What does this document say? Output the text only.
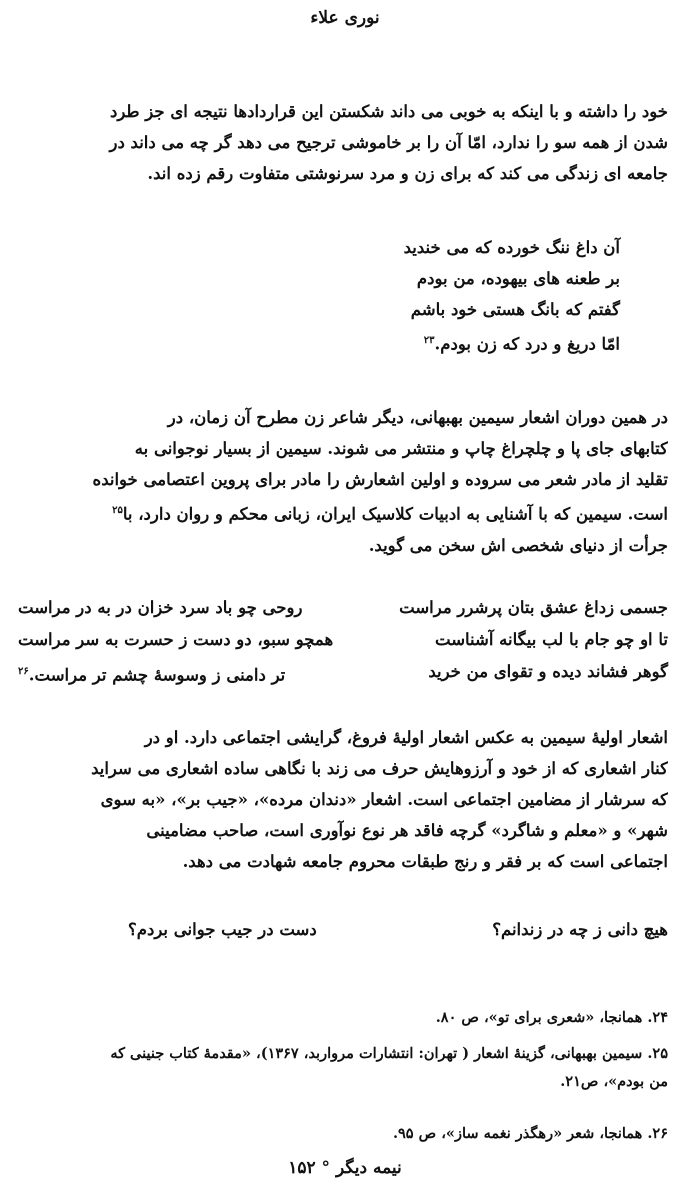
نوری علاء
خود را داشته و با اینکه به خوبی می داند شکستن این قراردادها نتیجه ای جز طرد
شدن از همه سو را ندارد، امّا آن را بر خاموشی ترجیح می دهد گر چه می داند در
جامعه ای زندگی می کند که برای زن و مرد سرنوشتی متفاوت رقم زده اند.
آن داغ ننگ خورده که می خندید
بر طعنه های بیهوده، من بودم
گفتم که بانگ هستی خود باشم
امّا دریغ و درد که زن بودم.$^{۲۳}$
در همین دوران اشعار سیمین بهبهانی، دیگر شاعر زن مطرح آن زمان، در
کتابهای جای پا و چلچراغ چاپ و منتشر می شوند. سیمین از بسیار نوجوانی به
تقلید از مادر شعر می سروده و اولین اشعارش را مادر برای پروین اعتصامی خوانده
است. سیمین که با آشنایی به ادبیات کلاسیک ایران، زبانی محکم و روان دارد، با$^{۲۵}$
جرأت از دنیای شخصی اش سخن می گوید.
جسمی زداغ عشق بتان پرشرر مراست
روحی چو باد سرد خزان در به در مراست
تا او چو جام با لب بیگانه آشناست
همچو سبو، دو دست ز حسرت به سر مراست
گوهر فشاند دیده و تقوای من خرید
تر دامنی ز وسوسهٔ چشم تر مراست.$^{۲۶}$
اشعار اولیهٔ سیمین به عکس اشعار اولیهٔ فروغ، گرایشی اجتماعی دارد. او در
کنار اشعاری که از خود و آرزوهایش حرف می زند با نگاهی ساده اشعاری می سراید
که سرشار از مضامین اجتماعی است. اشعار «دندان مرده»، «جیب بر»، «به سوی
شهر» و «معلم و شاگرد» گرچه فاقد هر نوع نوآوری است، صاحب مضامینی
اجتماعی است که بر فقر و رنج طبقات محروم جامعه شهادت می دهد.
هیچ دانی ز چه در زندانم؟
دست در جیب جوانی بردم؟
۲۴. همانجا، «شعری برای تو»، ص ۸۰.
۲۵. سیمین بهبهانی، گزینهٔ اشعار ( تهران: انتشارات مرواربد، ۱۳۶۷)، «مقدمهٔ کتاب جنینی که
من بودم»، ص۲۱.
۲۶. همانجا، شعر «رهگذر نغمه ساز»، ص ۹۵.
نیمه دیگر ° ۱۵۲
